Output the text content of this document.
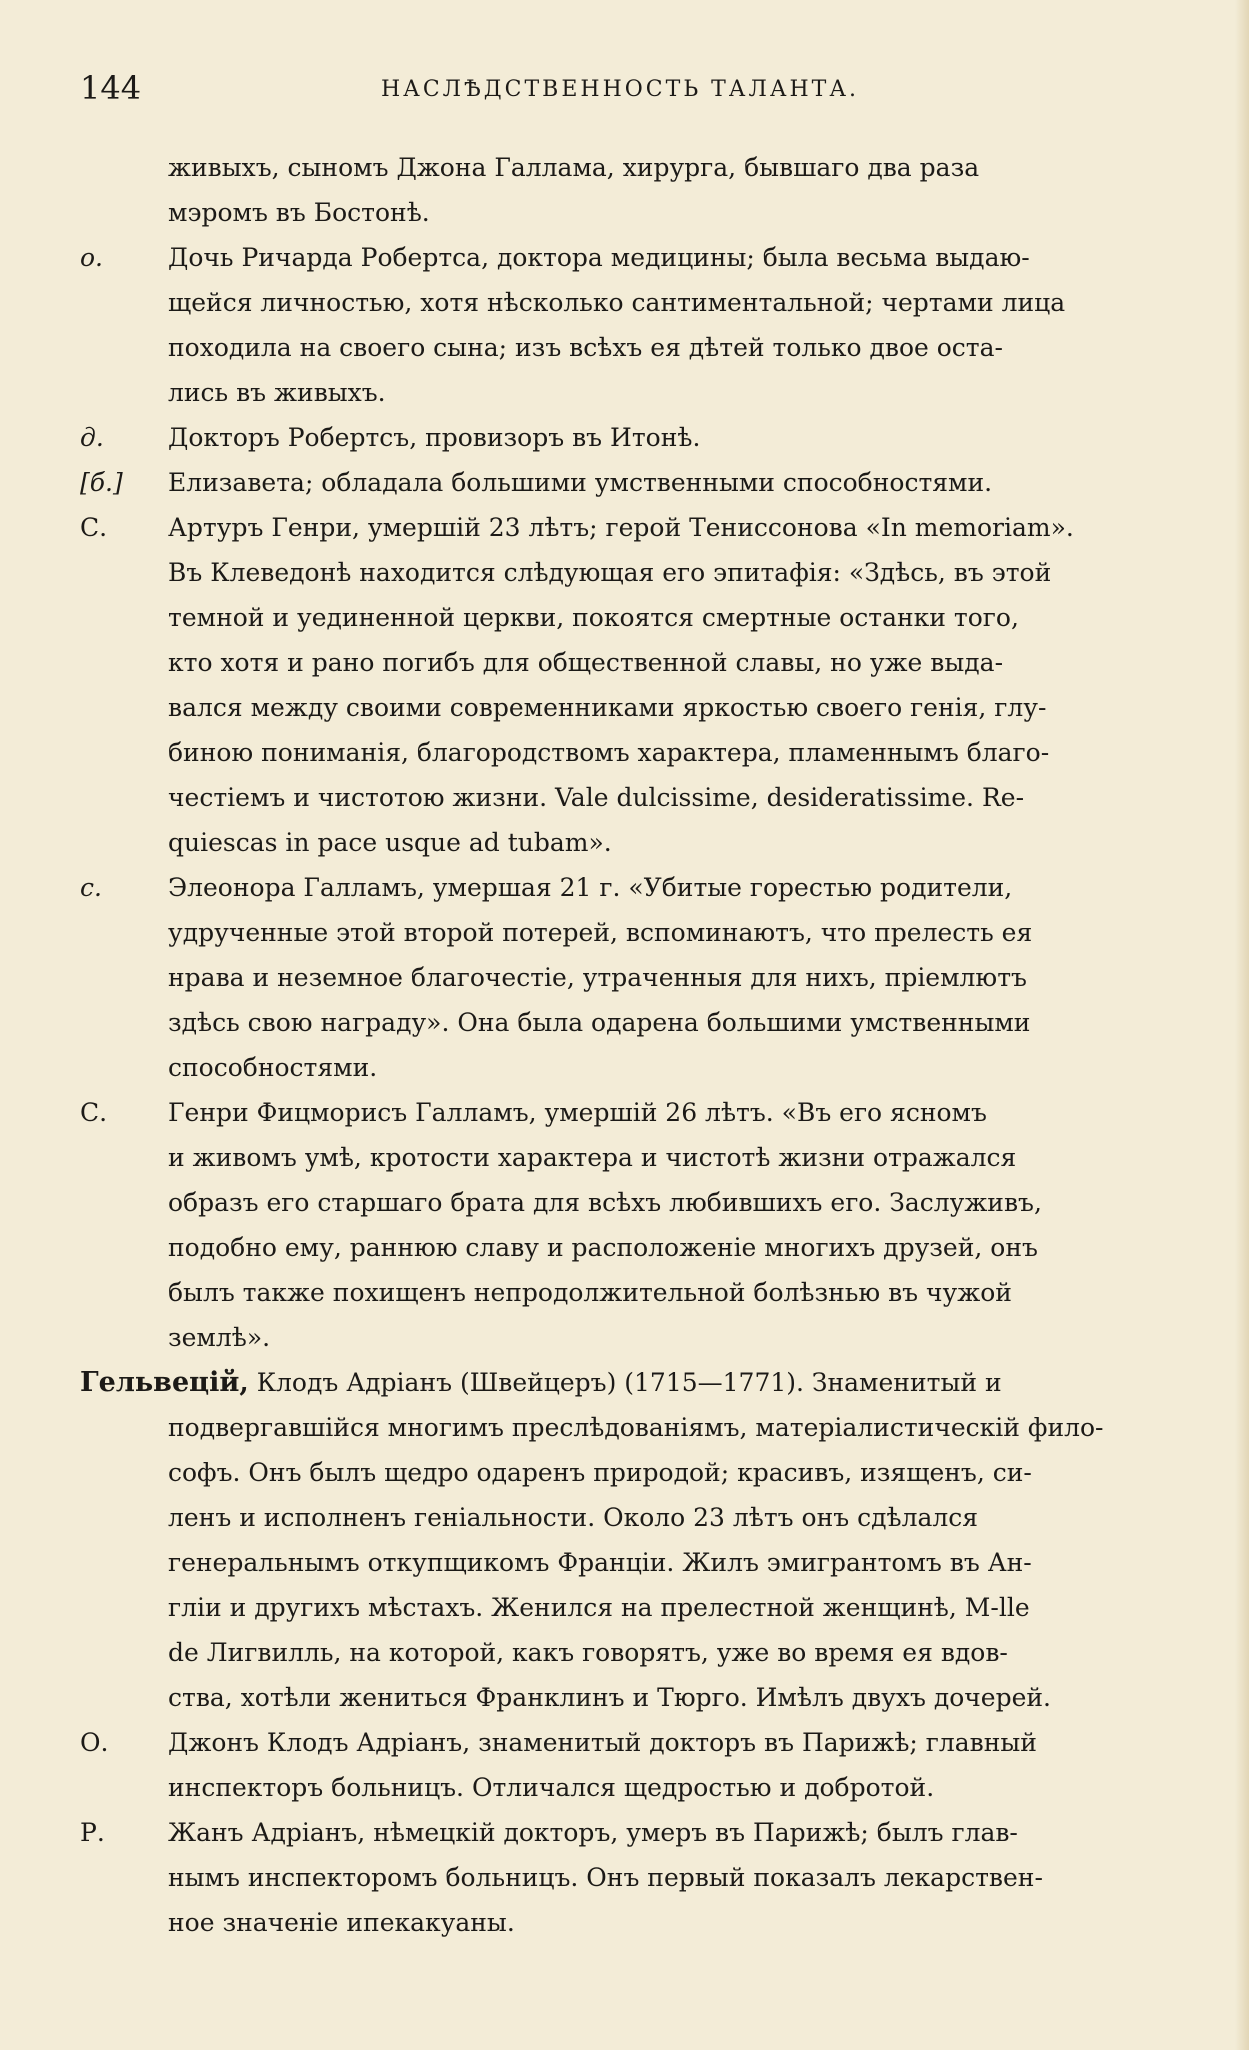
144	НАСЛѢДСТВЕННОСТЬ ТАЛАНТА.
живыхъ, сыномъ Джона Галлама, хирурга, бывшаго два раза
мэромъ въ Бостонѣ.
о.	Дочь Ричарда Робертса, доктора медицины; была весьма выдаю-
щейся личностью, хотя нѣсколько сантиментальной; чертами лица
походила на своего сына; изъ всѣхъ ея дѣтей только двое оста-
лись въ живыхъ.
д.	Докторъ Робертсъ, провизоръ въ Итонѣ.
[б.] Елизавета; обладала большими умственными способностями.
С. Артуръ Генри, умершій 23 лѣтъ; герой Тениссонова «In memoriam».
Въ Клеведонѣ находится слѣдующая его эпитафія: «Здѣсь, въ этой
темной и уединенной церкви, покоятся смертные останки того,
кто хотя и рано погибъ для общественной славы, но уже выда-
вался между своими современниками яркостью своего генія, глу-
биною пониманія, благородствомъ характера, пламеннымъ благо-
честіемъ и чистотою жизни. Vale dulcissime, desideratissime. Re-
quiescas in pace usque ad tubam».
с.	Элеонора Галламъ, умершая 21 г. «Убитые горестью родители,
удрученные этой второй потерей, вспоминаютъ, что прелесть ея
нрава и неземное благочестіе, утраченныя для нихъ, пріемлютъ
здѣсь свою награду». Она была одарена большими умственными
способностями.
С. Генри Фицморисъ Галламъ, умершій 26 лѣтъ. «Въ его ясномъ
и живомъ умѣ, кротости характера и чистотѣ жизни отражался
образъ его старшаго брата для всѣхъ любившихъ его. Заслуживъ,
подобно ему, раннюю славу и расположеніе многихъ друзей, онъ
былъ также похищенъ непродолжительной болѣзнью въ чужой
землѣ».
Гельвецій, Клодъ Адріанъ (Швейцеръ) (1715—1771). Знаменитый и
подвергавшійся многимъ преслѣдованіямъ, матеріалистическій фило-
софъ. Онъ былъ щедро одаренъ природой; красивъ, изященъ, си-
ленъ и исполненъ геніальности. Около 23 лѣтъ онъ сдѣлался
генеральнымъ откупщикомъ Франціи. Жилъ эмигрантомъ въ Ан-
гліи и другихъ мѣстахъ. Женился на прелестной женщинѣ, М-lle
de Лигвилль, на которой, какъ говорятъ, уже во время ея вдов-
ства, хотѣли жениться Франклинъ и Тюрго. Имѣлъ двухъ дочерей.
О. Джонъ Клодъ Адріанъ, знаменитый докторъ въ Парижѣ; главный
инспекторъ больницъ. Отличался щедростью и добротой.
Р.	Жанъ Адріанъ, нѣмецкій докторъ, умеръ въ Парижѣ; былъ глав-
нымъ инспекторомъ больницъ. Онъ первый показалъ лекарствен-
ное значеніе ипекакуаны.
